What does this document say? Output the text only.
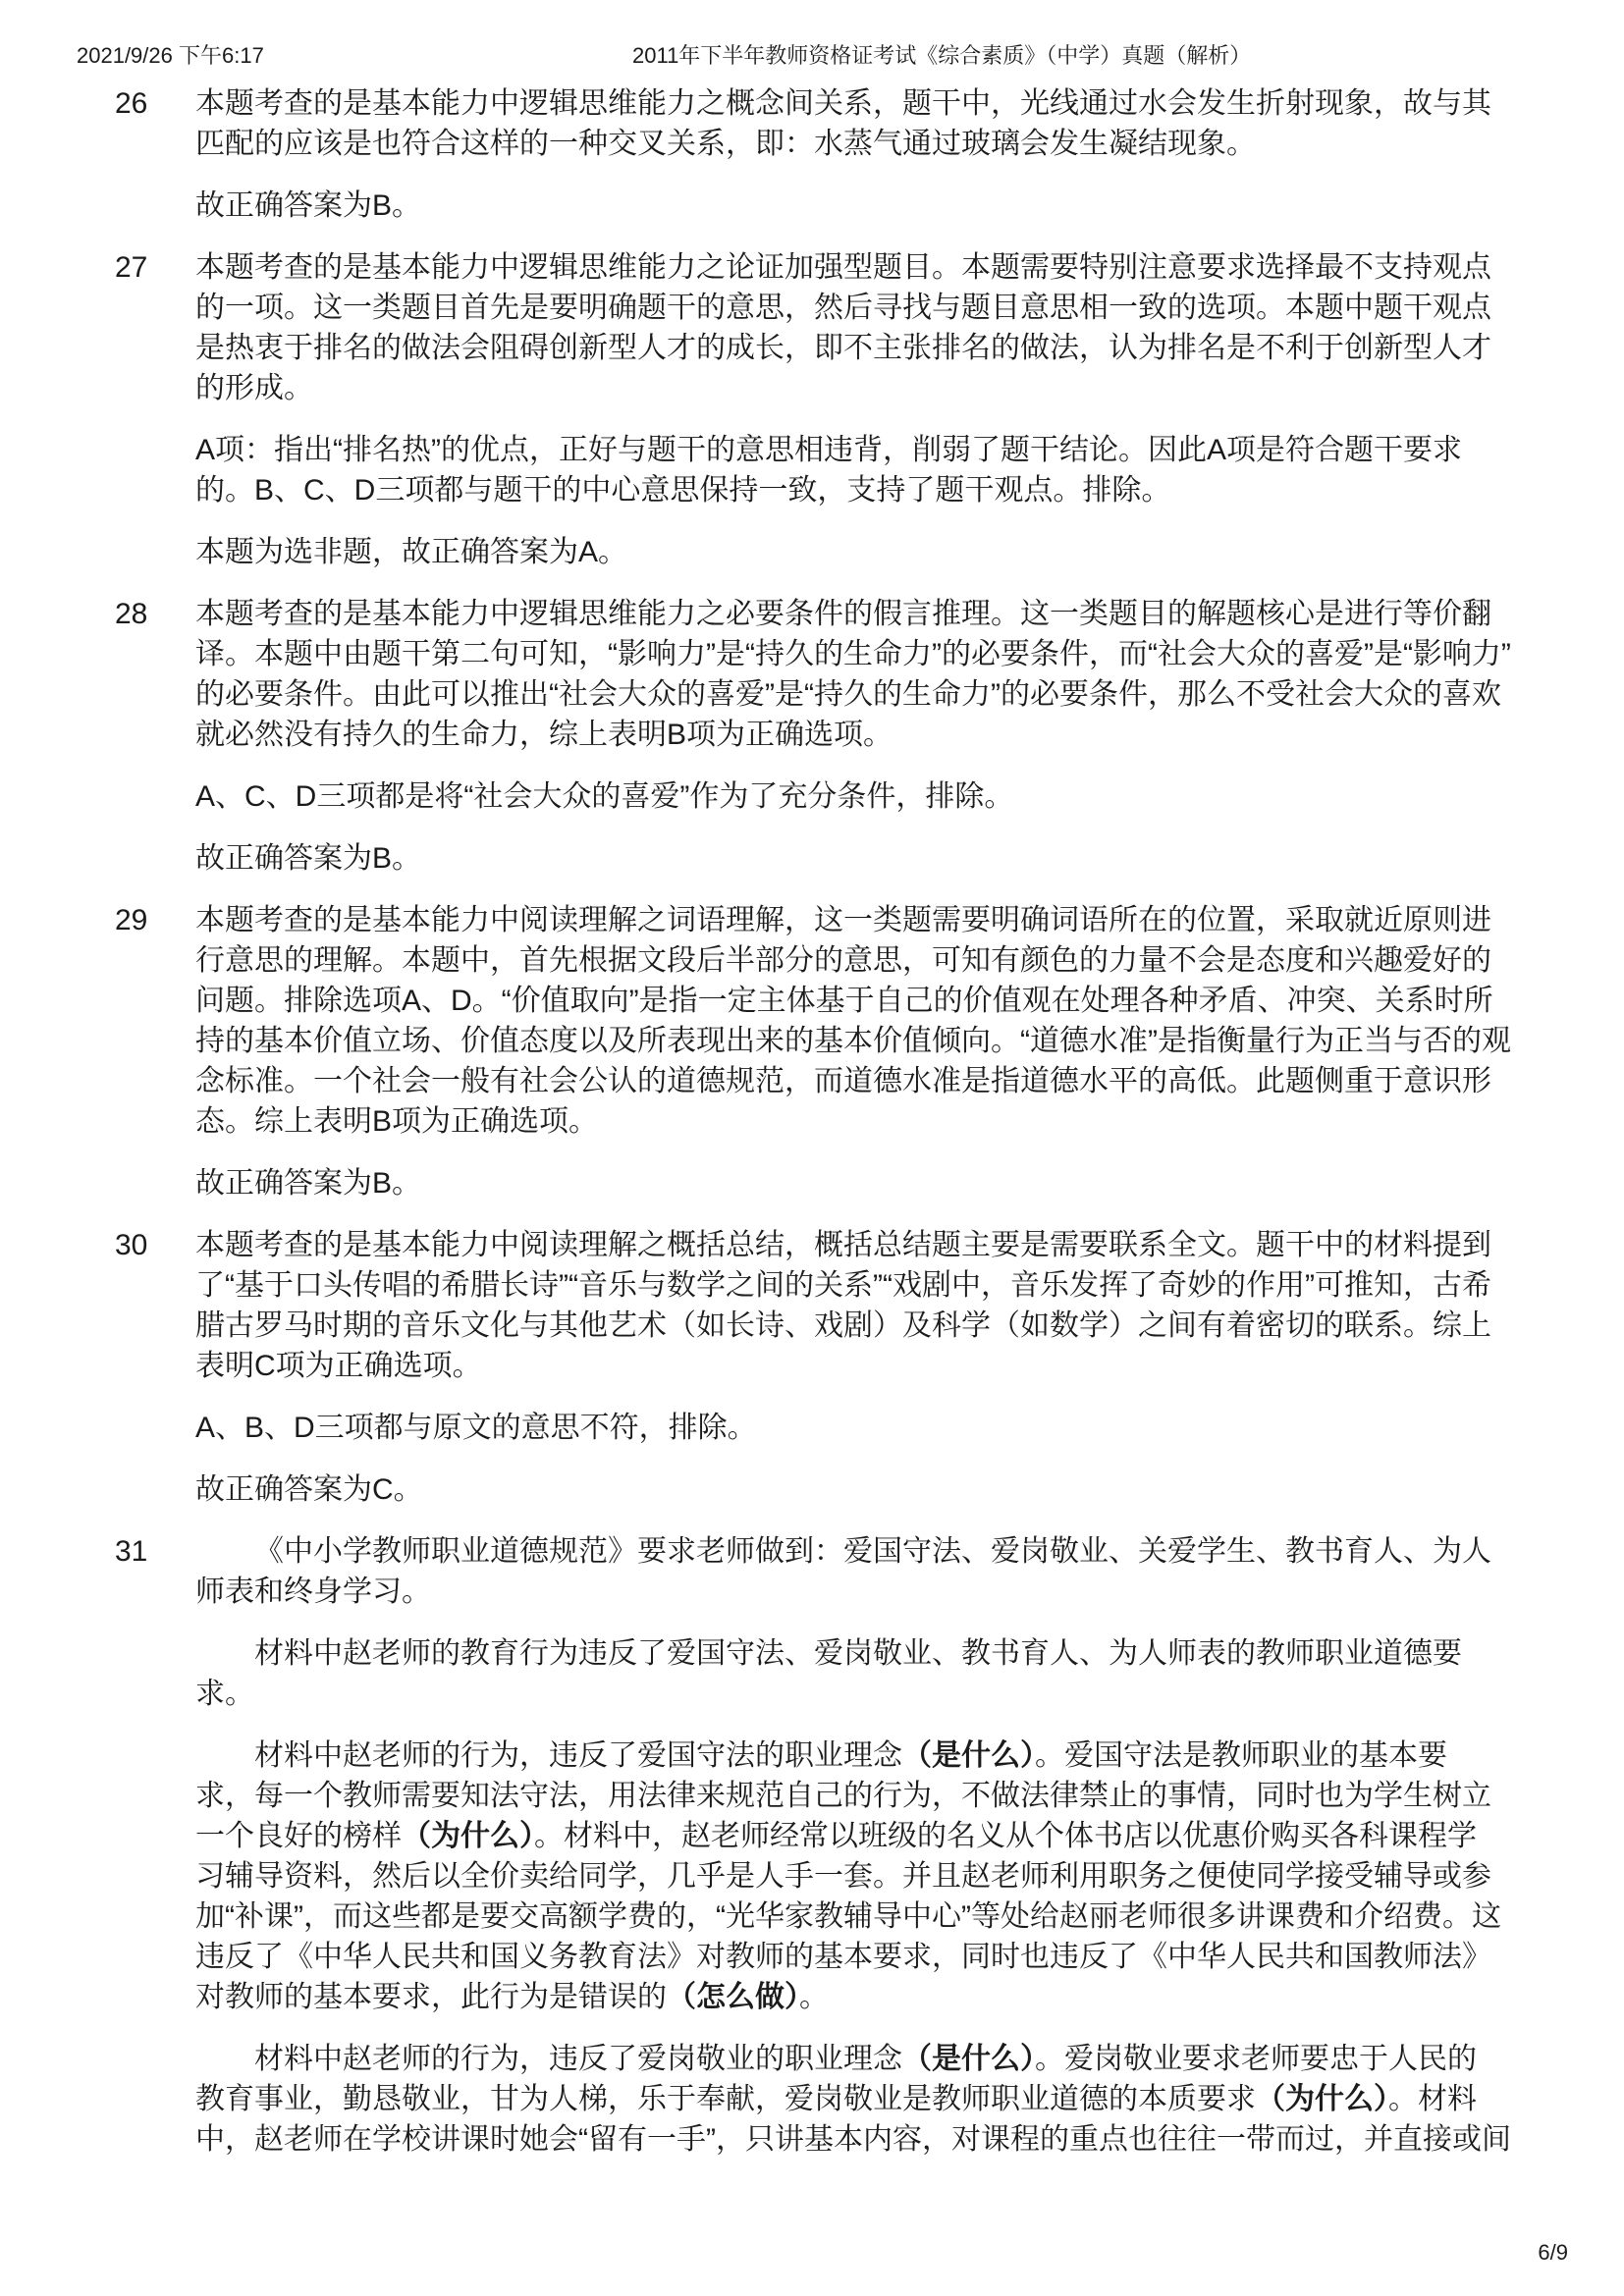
2021/9/26 下午6:17	2011年下半年教师资格证考试《综合素质》（中学）真题（解析）
26 本题考查的是基本能力中逻辑思维能力之概念间关系，题干中，光线通过水会发生折射现象，故与其
匹配的应该是也符合这样的一种交叉关系，即：水蒸气通过玻璃会发生凝结现象。
故正确答案为B。
27 本题考查的是基本能力中逻辑思维能力之论证加强型题目。本题需要特别注意要求选择最不支持观点
的一项。这一类题目首先是要明确题干的意思，然后寻找与题目意思相一致的选项。本题中题干观点
是热衷于排名的做法会阻碍创新型人才的成长，即不主张排名的做法，认为排名是不利于创新型人才
的形成。
A项：指出“排名热”的优点，正好与题干的意思相违背，削弱了题干结论。因此A项是符合题干要求
的。B、C、D三项都与题干的中心意思保持一致，支持了题干观点。排除。
本题为选非题，故正确答案为A。
28 本题考查的是基本能力中逻辑思维能力之必要条件的假言推理。这一类题目的解题核心是进行等价翻
译。本题中由题干第二句可知，“影响力”是“持久的生命力”的必要条件，而“社会大众的喜爱”是“影响力”
的必要条件。由此可以推出“社会大众的喜爱”是“持久的生命力”的必要条件，那么不受社会大众的喜欢
就必然没有持久的生命力，综上表明B项为正确选项。
A、C、D三项都是将“社会大众的喜爱”作为了充分条件，排除。
故正确答案为B。
29 本题考查的是基本能力中阅读理解之词语理解，这一类题需要明确词语所在的位置，采取就近原则进
行意思的理解。本题中，首先根据文段后半部分的意思，可知有颜色的力量不会是态度和兴趣爱好的
问题。排除选项A、D。“价值取向”是指一定主体基于自己的价值观在处理各种矛盾、冲突、关系时所
持的基本价值立场、价值态度以及所表现出来的基本价值倾向。“道德水准”是指衡量行为正当与否的观
念标准。一个社会一般有社会公认的道德规范，而道德水准是指道德水平的高低。此题侧重于意识形
态。综上表明B项为正确选项。
故正确答案为B。
30 本题考查的是基本能力中阅读理解之概括总结，概括总结题主要是需要联系全文。题干中的材料提到
了“基于口头传唱的希腊长诗”“音乐与数学之间的关系”“戏剧中，音乐发挥了奇妙的作用”可推知，古希
腊古罗马时期的音乐文化与其他艺术（如长诗、戏剧）及科学（如数学）之间有着密切的联系。综上
表明C项为正确选项。
A、B、D三项都与原文的意思不符，排除。
故正确答案为C。
31	《中小学教师职业道德规范》要求老师做到：爱国守法、爱岗敬业、关爱学生、教书育人、为人
师表和终身学习。
材料中赵老师的教育行为违反了爱国守法、爱岗敬业、教书育人、为人师表的教师职业道德要
求。
材料中赵老师的行为，违反了爱国守法的职业理念（是什么）。爱国守法是教师职业的基本要
求，每一个教师需要知法守法，用法律来规范自己的行为，不做法律禁止的事情，同时也为学生树立
一个良好的榜样（为什么）。材料中，赵老师经常以班级的名义从个体书店以优惠价购买各科课程学
习辅导资料，然后以全价卖给同学，几乎是人手一套。并且赵老师利用职务之便使同学接受辅导或参
加“补课”，而这些都是要交高额学费的，“光华家教辅导中心”等处给赵丽老师很多讲课费和介绍费。这
违反了《中华人民共和国义务教育法》对教师的基本要求，同时也违反了《中华人民共和国教师法》
对教师的基本要求，此行为是错误的（怎么做）。
材料中赵老师的行为，违反了爱岗敬业的职业理念（是什么）。爱岗敬业要求老师要忠于人民的
教育事业，勤恳敬业，甘为人梯，乐于奉献，爱岗敬业是教师职业道德的本质要求（为什么）。材料
中，赵老师在学校讲课时她会“留有一手”，只讲基本内容，对课程的重点也往往一带而过，并直接或间
6/9
